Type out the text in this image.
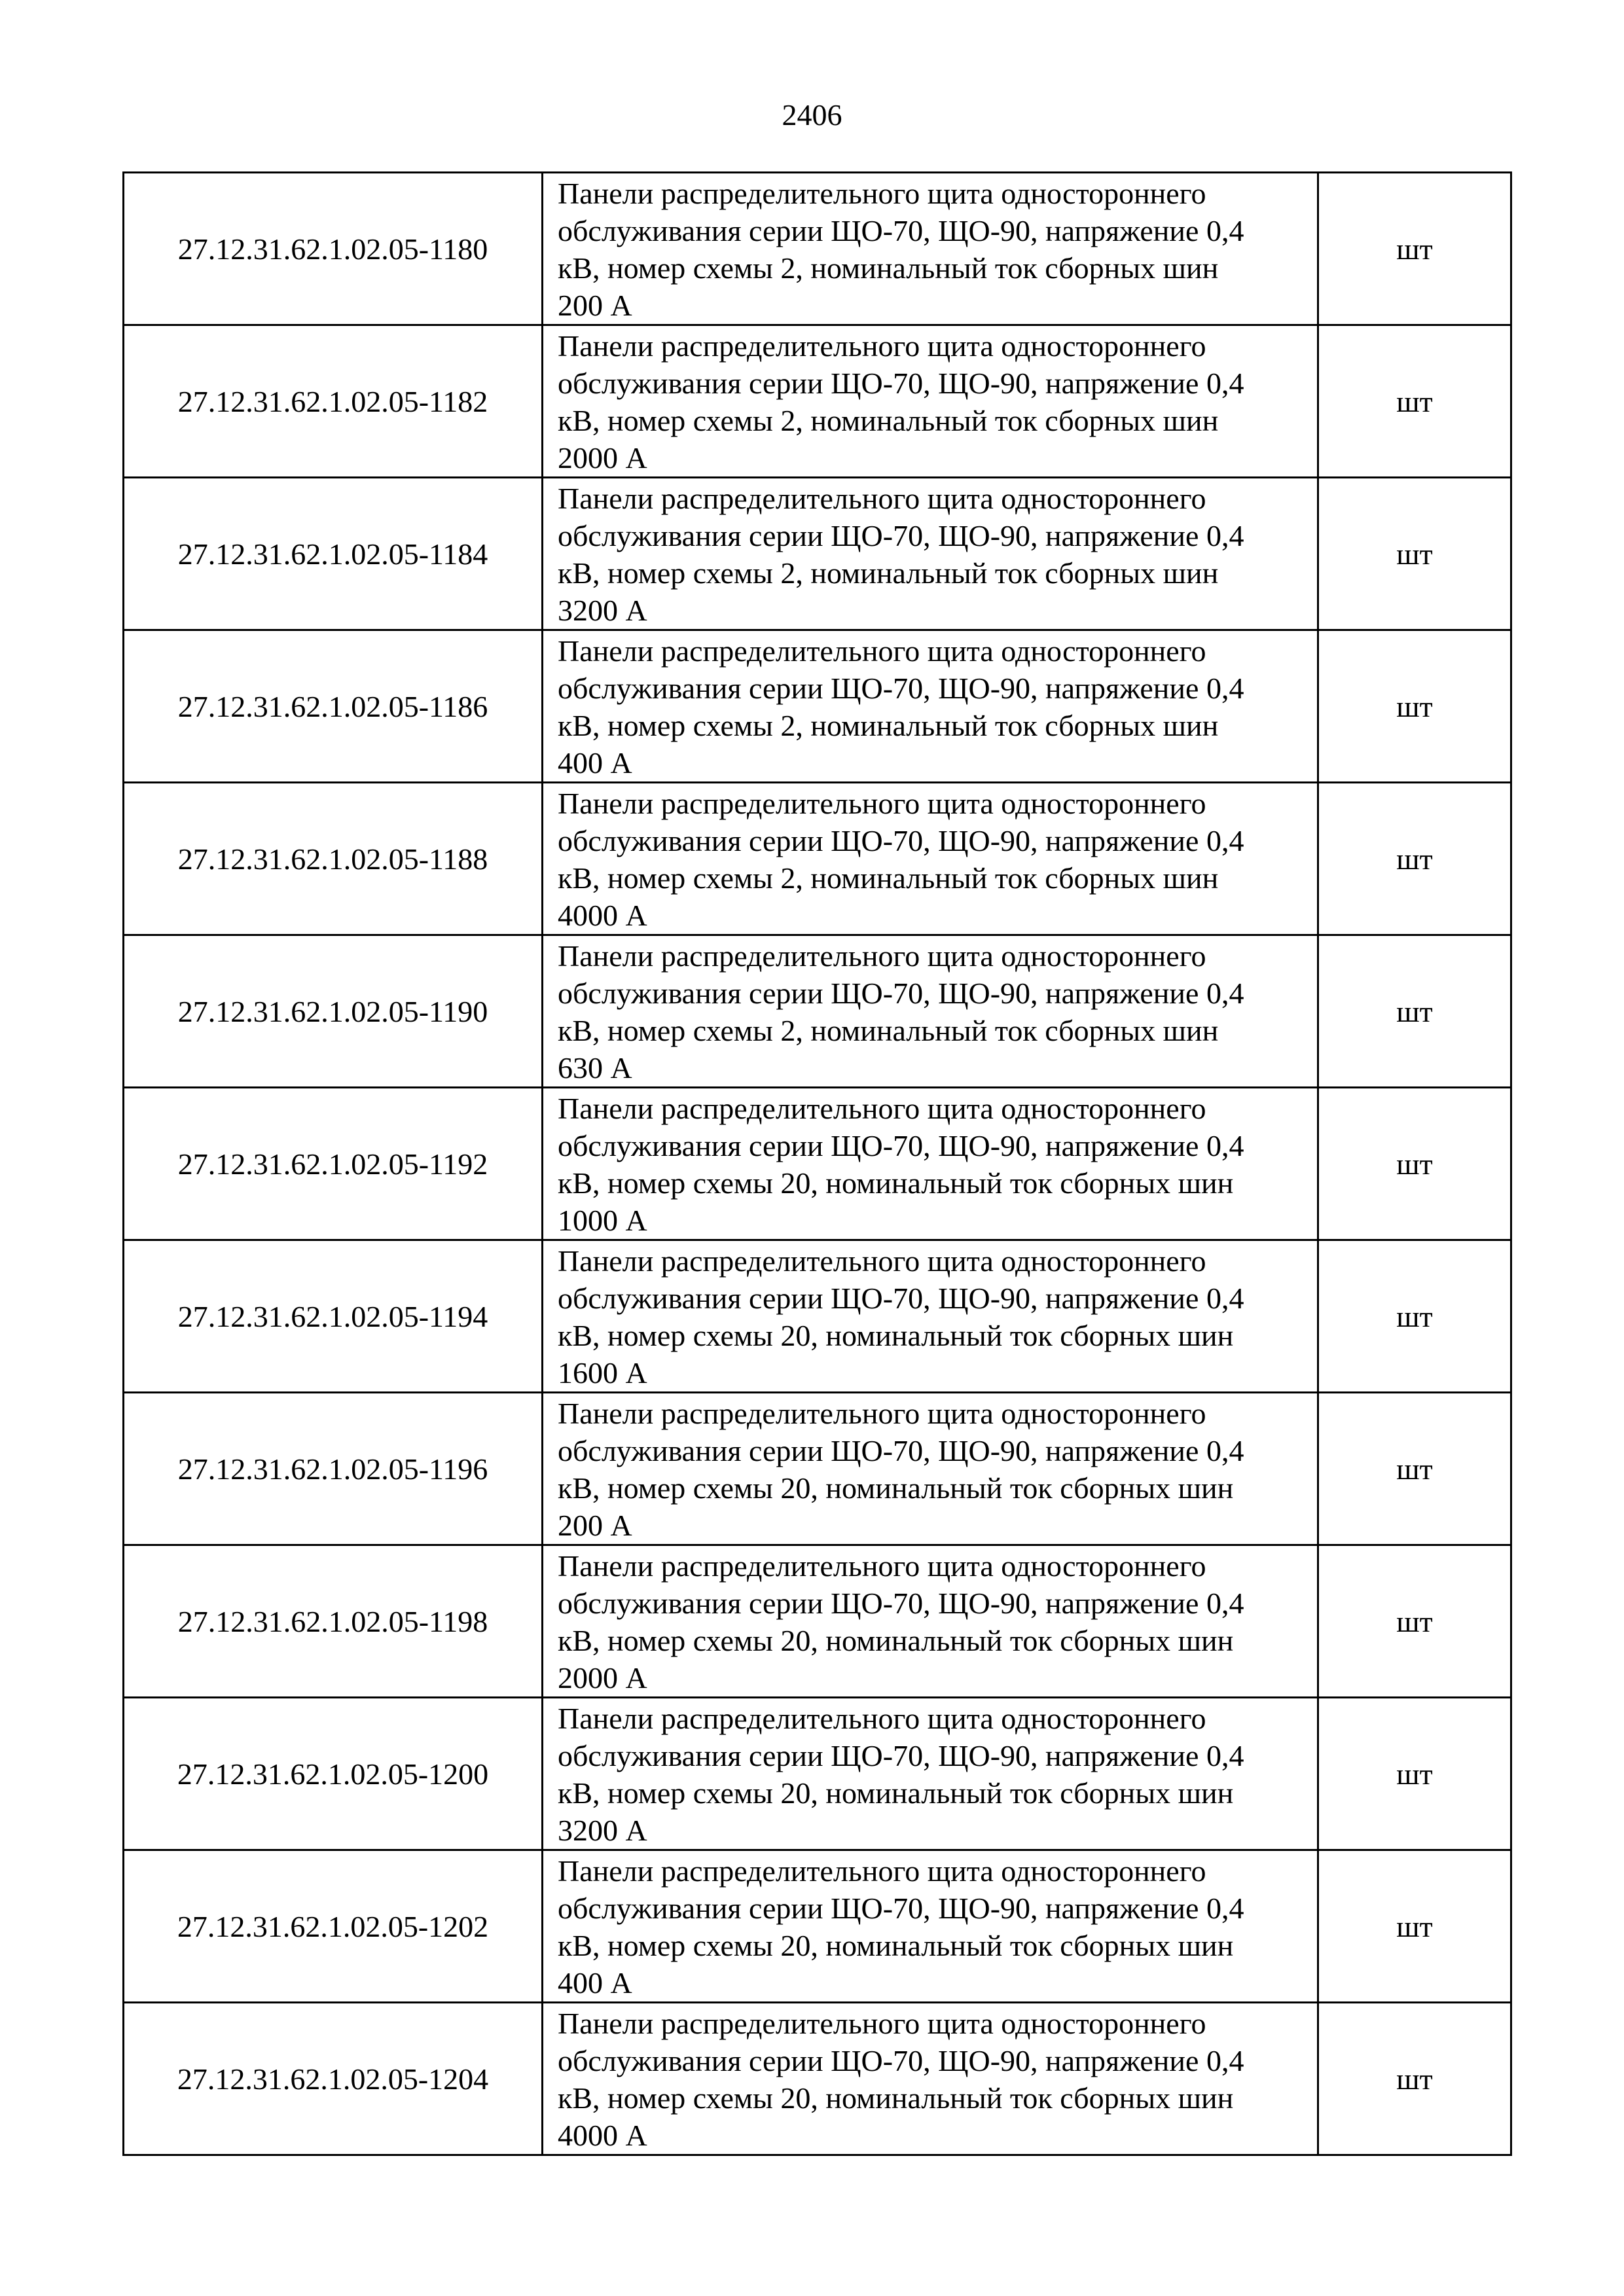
2406
27.12.31.62.1.02.05-1180	Панели распределительного щита одностороннего
обслуживания серии ЩО-70, ЩО-90, напряжение 0,4
кВ, номер схемы 2, номинальный ток сборных шин
200 А	шт
27.12.31.62.1.02.05-1182	Панели распределительного щита одностороннего
обслуживания серии ЩО-70, ЩО-90, напряжение 0,4
кВ, номер схемы 2, номинальный ток сборных шин
2000 А	шт
27.12.31.62.1.02.05-1184	Панели распределительного щита одностороннего
обслуживания серии ЩО-70, ЩО-90, напряжение 0,4
кВ, номер схемы 2, номинальный ток сборных шин
3200 А	шт
27.12.31.62.1.02.05-1186	Панели распределительного щита одностороннего
обслуживания серии ЩО-70, ЩО-90, напряжение 0,4
кВ, номер схемы 2, номинальный ток сборных шин
400 А	шт
27.12.31.62.1.02.05-1188	Панели распределительного щита одностороннего
обслуживания серии ЩО-70, ЩО-90, напряжение 0,4
кВ, номер схемы 2, номинальный ток сборных шин
4000 А	шт
27.12.31.62.1.02.05-1190	Панели распределительного щита одностороннего
обслуживания серии ЩО-70, ЩО-90, напряжение 0,4
кВ, номер схемы 2, номинальный ток сборных шин
630 А	шт
27.12.31.62.1.02.05-1192	Панели распределительного щита одностороннего
обслуживания серии ЩО-70, ЩО-90, напряжение 0,4
кВ, номер схемы 20, номинальный ток сборных шин
1000 А	шт
27.12.31.62.1.02.05-1194	Панели распределительного щита одностороннего
обслуживания серии ЩО-70, ЩО-90, напряжение 0,4
кВ, номер схемы 20, номинальный ток сборных шин
1600 А	шт
27.12.31.62.1.02.05-1196	Панели распределительного щита одностороннего
обслуживания серии ЩО-70, ЩО-90, напряжение 0,4
кВ, номер схемы 20, номинальный ток сборных шин
200 А	шт
27.12.31.62.1.02.05-1198	Панели распределительного щита одностороннего
обслуживания серии ЩО-70, ЩО-90, напряжение 0,4
кВ, номер схемы 20, номинальный ток сборных шин
2000 А	шт
27.12.31.62.1.02.05-1200	Панели распределительного щита одностороннего
обслуживания серии ЩО-70, ЩО-90, напряжение 0,4
кВ, номер схемы 20, номинальный ток сборных шин
3200 А	шт
27.12.31.62.1.02.05-1202	Панели распределительного щита одностороннего
обслуживания серии ЩО-70, ЩО-90, напряжение 0,4
кВ, номер схемы 20, номинальный ток сборных шин
400 А	шт
27.12.31.62.1.02.05-1204	Панели распределительного щита одностороннего
обслуживания серии ЩО-70, ЩО-90, напряжение 0,4
кВ, номер схемы 20, номинальный ток сборных шин
4000 А	шт
